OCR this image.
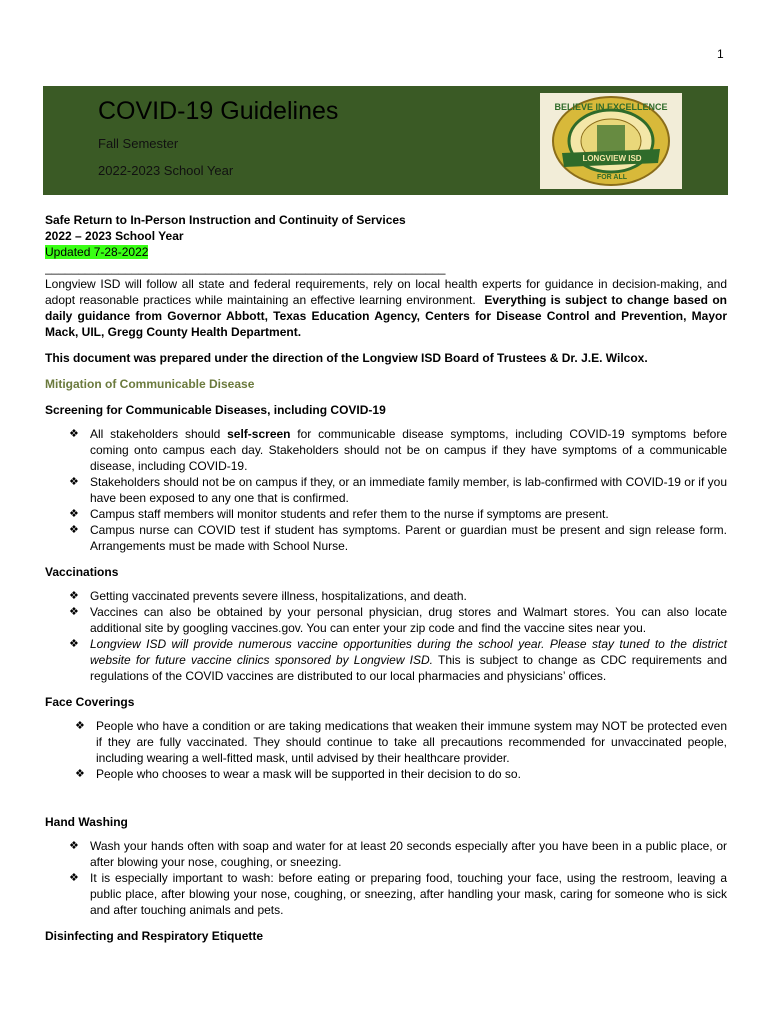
1
COVID-19 Guidelines
Fall Semester
2022-2023 School Year
BELIEVE IN EXCELLENCE
LONGVIEW ISD
FOR ALL
Safe Return to In-Person Instruction and Continuity of Services
2022 – 2023 School Year
Updated 7-28-2022
____________________________________________________________
Longview ISD will follow all state and federal requirements, rely on local health experts for guidance in decision-making, and adopt reasonable practices while maintaining an effective learning environment. Everything is subject to change based on daily guidance from Governor Abbott, Texas Education Agency, Centers for Disease Control and Prevention, Mayor Mack, UIL, Gregg County Health Department.
This document was prepared under the direction of the Longview ISD Board of Trustees & Dr. J.E. Wilcox.
Mitigation of Communicable Disease
Screening for Communicable Diseases, including COVID-19
❖ All stakeholders should self-screen for communicable disease symptoms, including COVID-19 symptoms before coming onto campus each day. Stakeholders should not be on campus if they have symptoms of a communicable disease, including COVID-19.
❖ Stakeholders should not be on campus if they, or an immediate family member, is lab-confirmed with COVID-19 or if you have been exposed to any one that is confirmed.
❖ Campus staff members will monitor students and refer them to the nurse if symptoms are present.
❖ Campus nurse can COVID test if student has symptoms. Parent or guardian must be present and sign release form. Arrangements must be made with School Nurse.
Vaccinations
❖ Getting vaccinated prevents severe illness, hospitalizations, and death.
❖ Vaccines can also be obtained by your personal physician, drug stores and Walmart stores. You can also locate additional site by googling vaccines.gov. You can enter your zip code and find the vaccine sites near you.
❖ Longview ISD will provide numerous vaccine opportunities during the school year. Please stay tuned to the district website for future vaccine clinics sponsored by Longview ISD. This is subject to change as CDC requirements and regulations of the COVID vaccines are distributed to our local pharmacies and physicians’ offices.
Face Coverings
❖ People who have a condition or are taking medications that weaken their immune system may NOT be protected even if they are fully vaccinated. They should continue to take all precautions recommended for unvaccinated people, including wearing a well-fitted mask, until advised by their healthcare provider.
❖ People who chooses to wear a mask will be supported in their decision to do so.
Hand Washing
❖ Wash your hands often with soap and water for at least 20 seconds especially after you have been in a public place, or after blowing your nose, coughing, or sneezing.
❖ It is especially important to wash: before eating or preparing food, touching your face, using the restroom, leaving a public place, after blowing your nose, coughing, or sneezing, after handling your mask, caring for someone who is sick and after touching animals and pets.
Disinfecting and Respiratory Etiquette
